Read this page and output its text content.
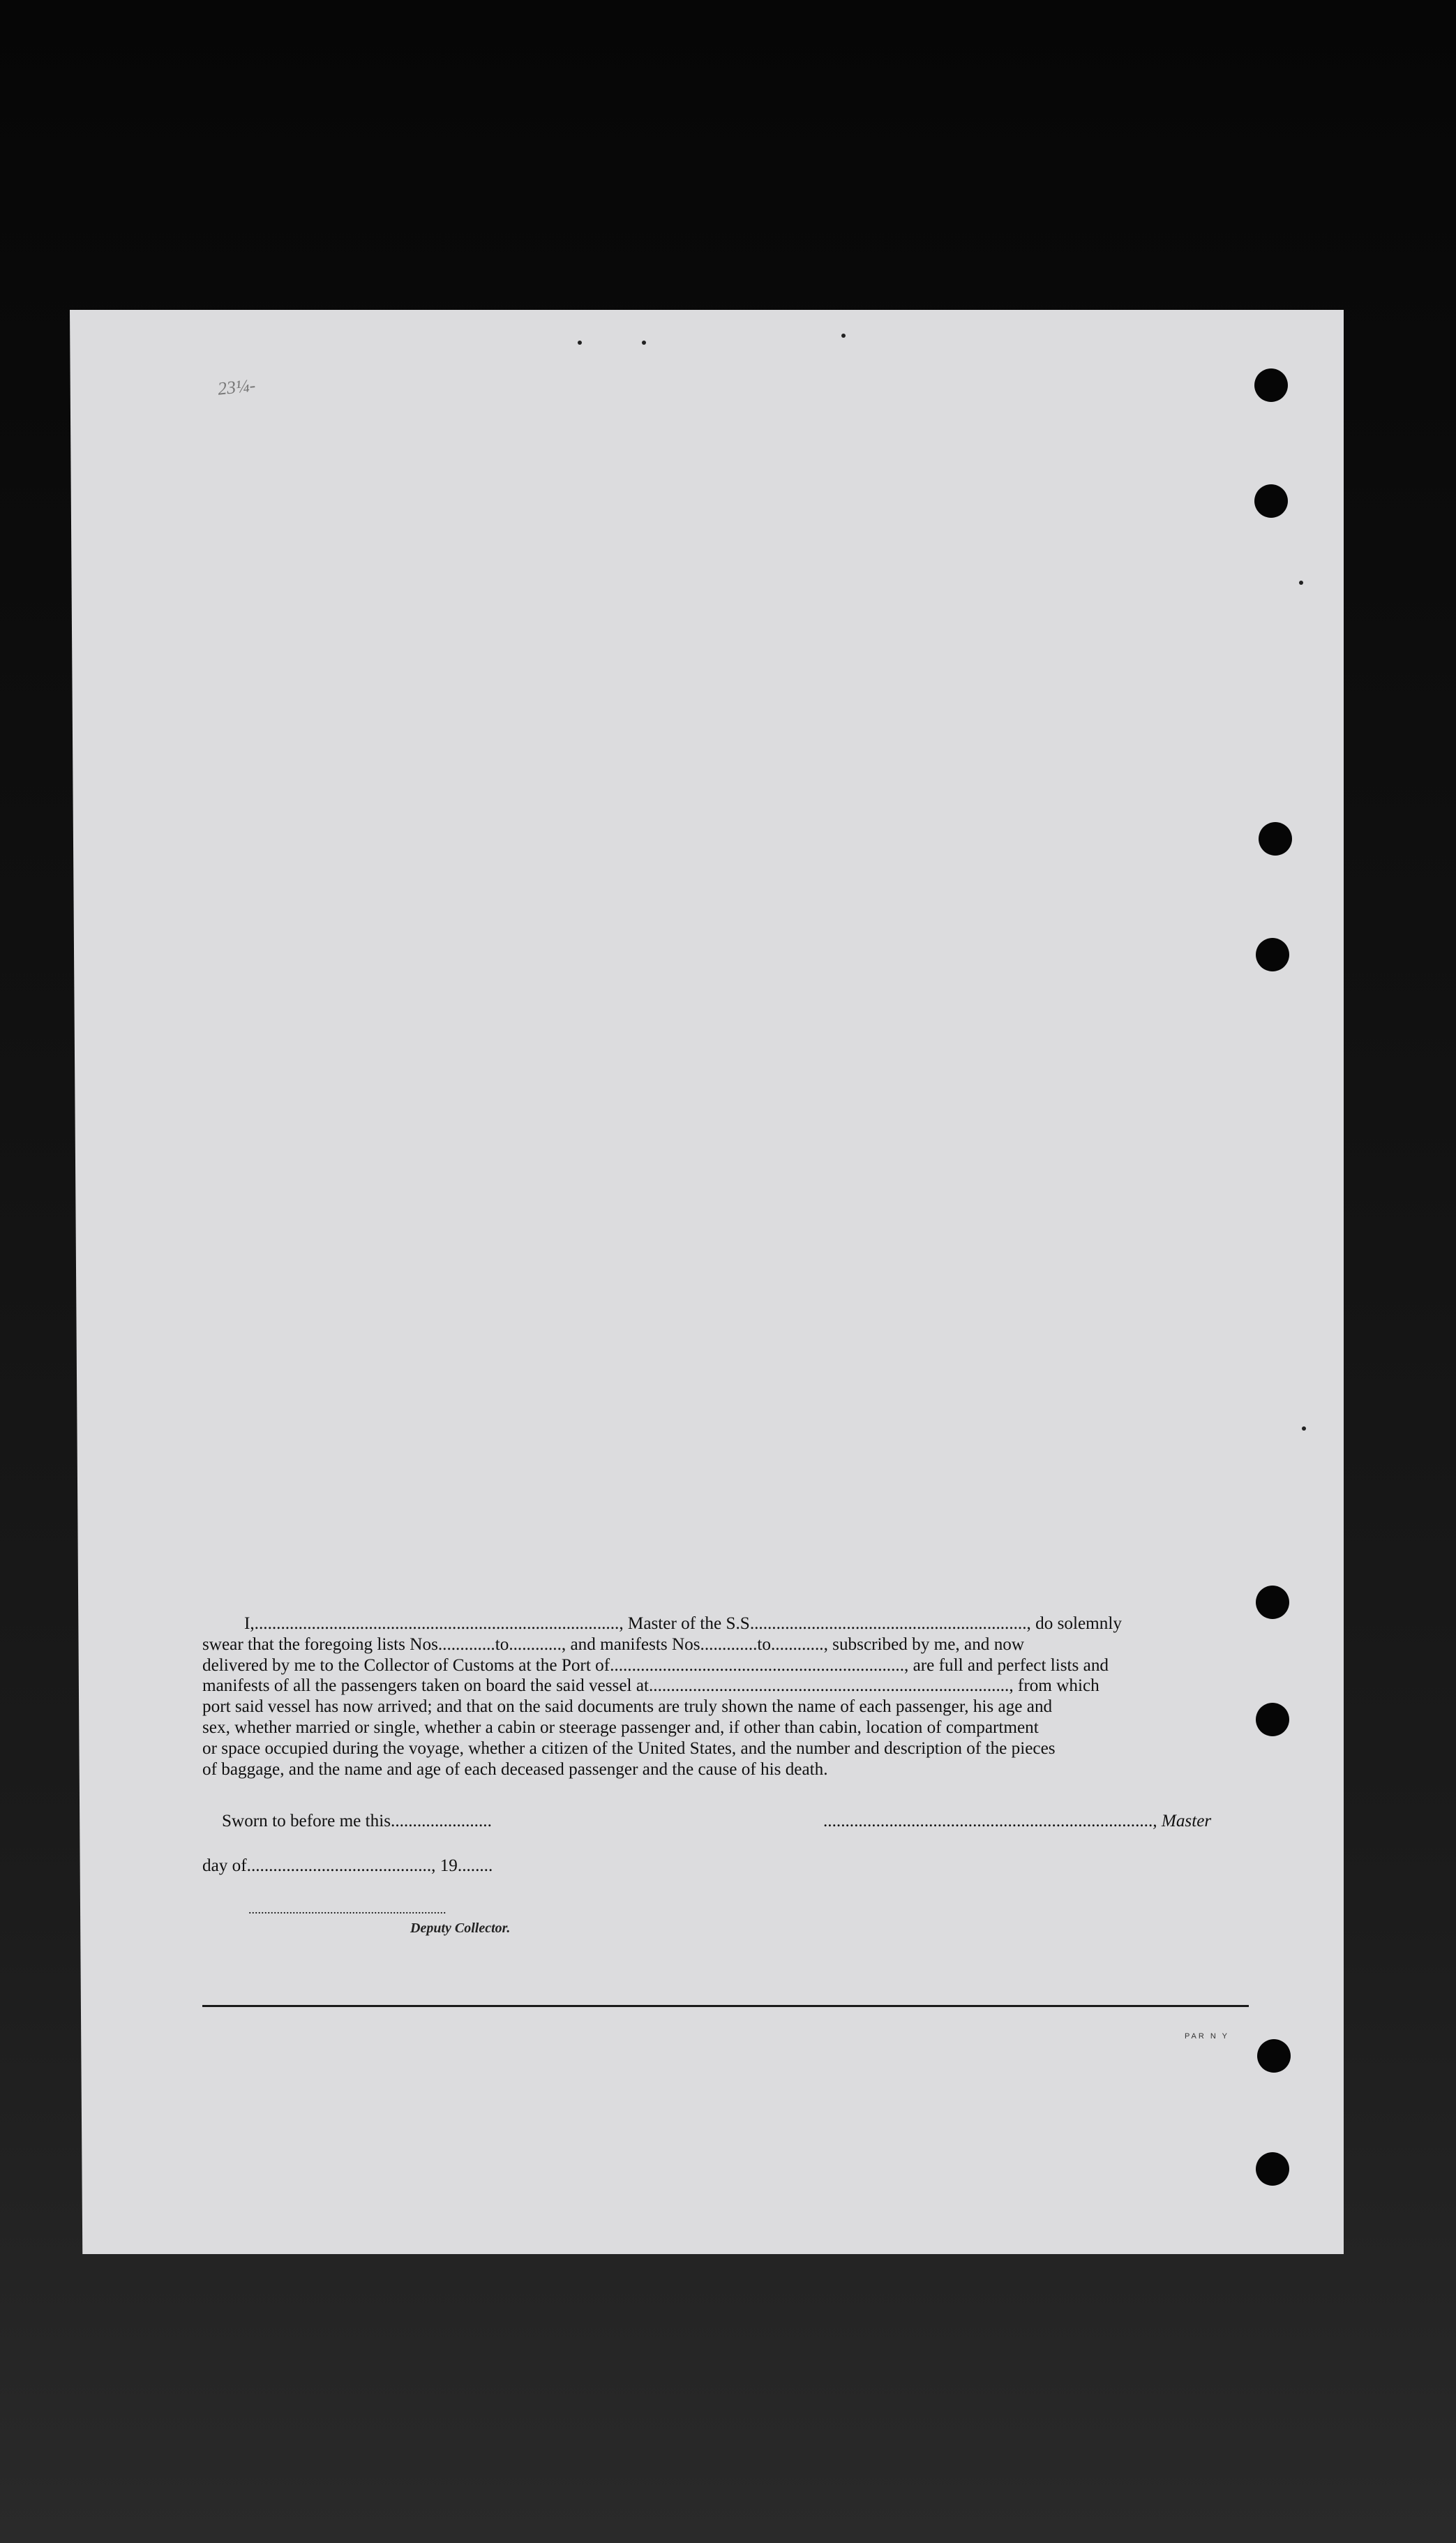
23¼‑
I,..................................................................................., Master of the S.S..............................................................., do solemnly
swear that the foregoing lists Nos.............to............, and manifests Nos.............to............, subscribed by me, and now
delivered by me to the Collector of Customs at the Port of..................................................................., are full and perfect lists and
manifests of all the passengers taken on board the said vessel at.................................................................................., from which
port said vessel has now arrived; and that on the said documents are truly shown the name of each passenger, his age and
sex, whether married or single, whether a cabin or steerage passenger and, if other than cabin, location of compartment
or space occupied during the voyage, whether a citizen of the United States, and the number and description of the pieces
of baggage, and the name and age of each deceased passenger and the cause of his death.
Sworn to before me this.......................	..........................................................................., Master
day of.........................................., 19........
...............................................................
Deputy Collector.
PAR N Y
